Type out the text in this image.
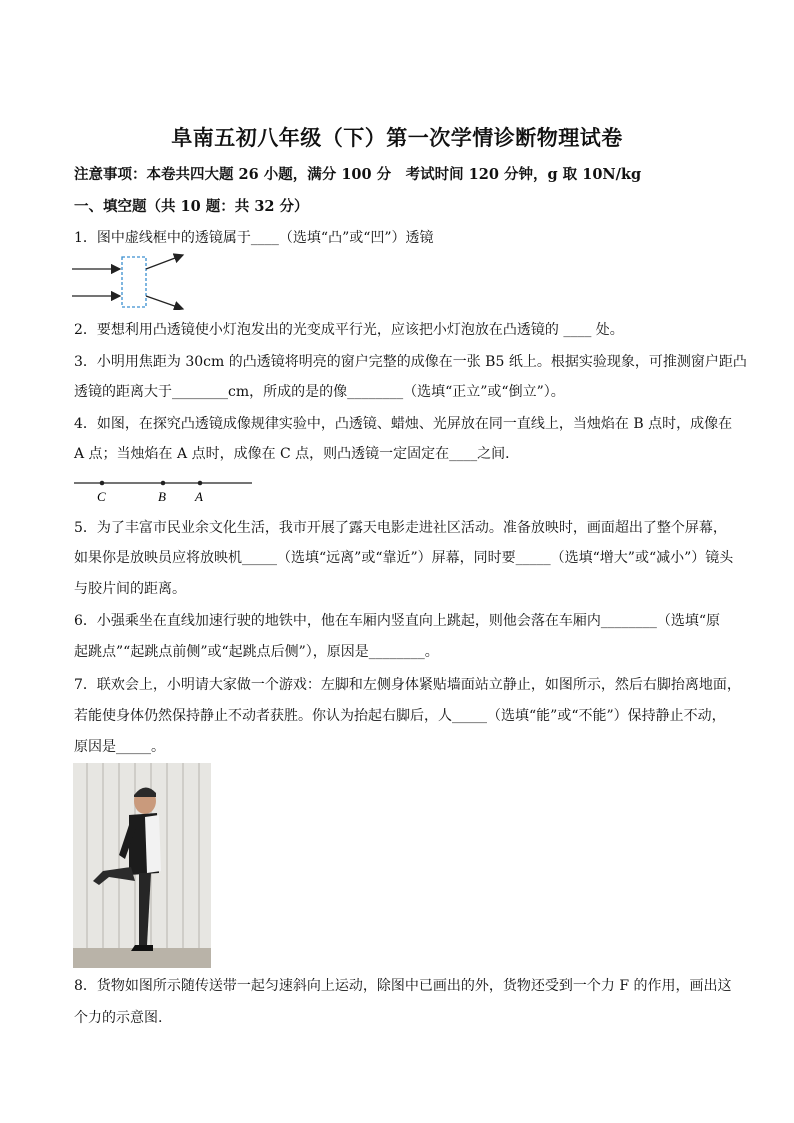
阜南五初八年级（下）第一次学情诊断物理试卷
注意事项：本卷共四大题 26 小题，满分 100 分　考试时间 120 分钟，g 取 10N/kg
一、填空题（共 10 题：共 32 分）
1．图中虚线框中的透镜属于____（选填“凸”或“凹”）透镜
2．要想利用凸透镜使小灯泡发出的光变成平行光，应该把小灯泡放在凸透镜的 ____ 处。
3．小明用焦距为 30cm 的凸透镜将明亮的窗户完整的成像在一张 B5 纸上。根据实验现象，可推测窗户距凸
透镜的距离大于________cm，所成的是的像________（选填“正立”或“倒立”）。
4．如图，在探究凸透镜成像规律实验中，凸透镜、蜡烛、光屏放在同一直线上，当烛焰在 B 点时，成像在
A 点；当烛焰在 A 点时，成像在 C 点，则凸透镜一定固定在____之间．
C	B A
5．为了丰富市民业余文化生活，我市开展了露天电影走进社区活动。准备放映时，画面超出了整个屏幕，
如果你是放映员应将放映机_____（选填“远离”或“靠近”）屏幕，同时要_____（选填“增大”或“减小”）镜头
与胶片间的距离。
6．小强乘坐在直线加速行驶的地铁中，他在车厢内竖直向上跳起，则他会落在车厢内________（选填“原
起跳点”“起跳点前侧”或“起跳点后侧”），原因是________。
7．联欢会上，小明请大家做一个游戏：左脚和左侧身体紧贴墙面站立静止，如图所示，然后右脚抬离地面，
若能使身体仍然保持静止不动者获胜。你认为抬起右脚后，人_____（选填“能”或“不能”）保持静止不动，
原因是_____。
8．货物如图所示随传送带一起匀速斜向上运动，除图中已画出的外，货物还受到一个力 F 的作用，画出这
个力的示意图.
